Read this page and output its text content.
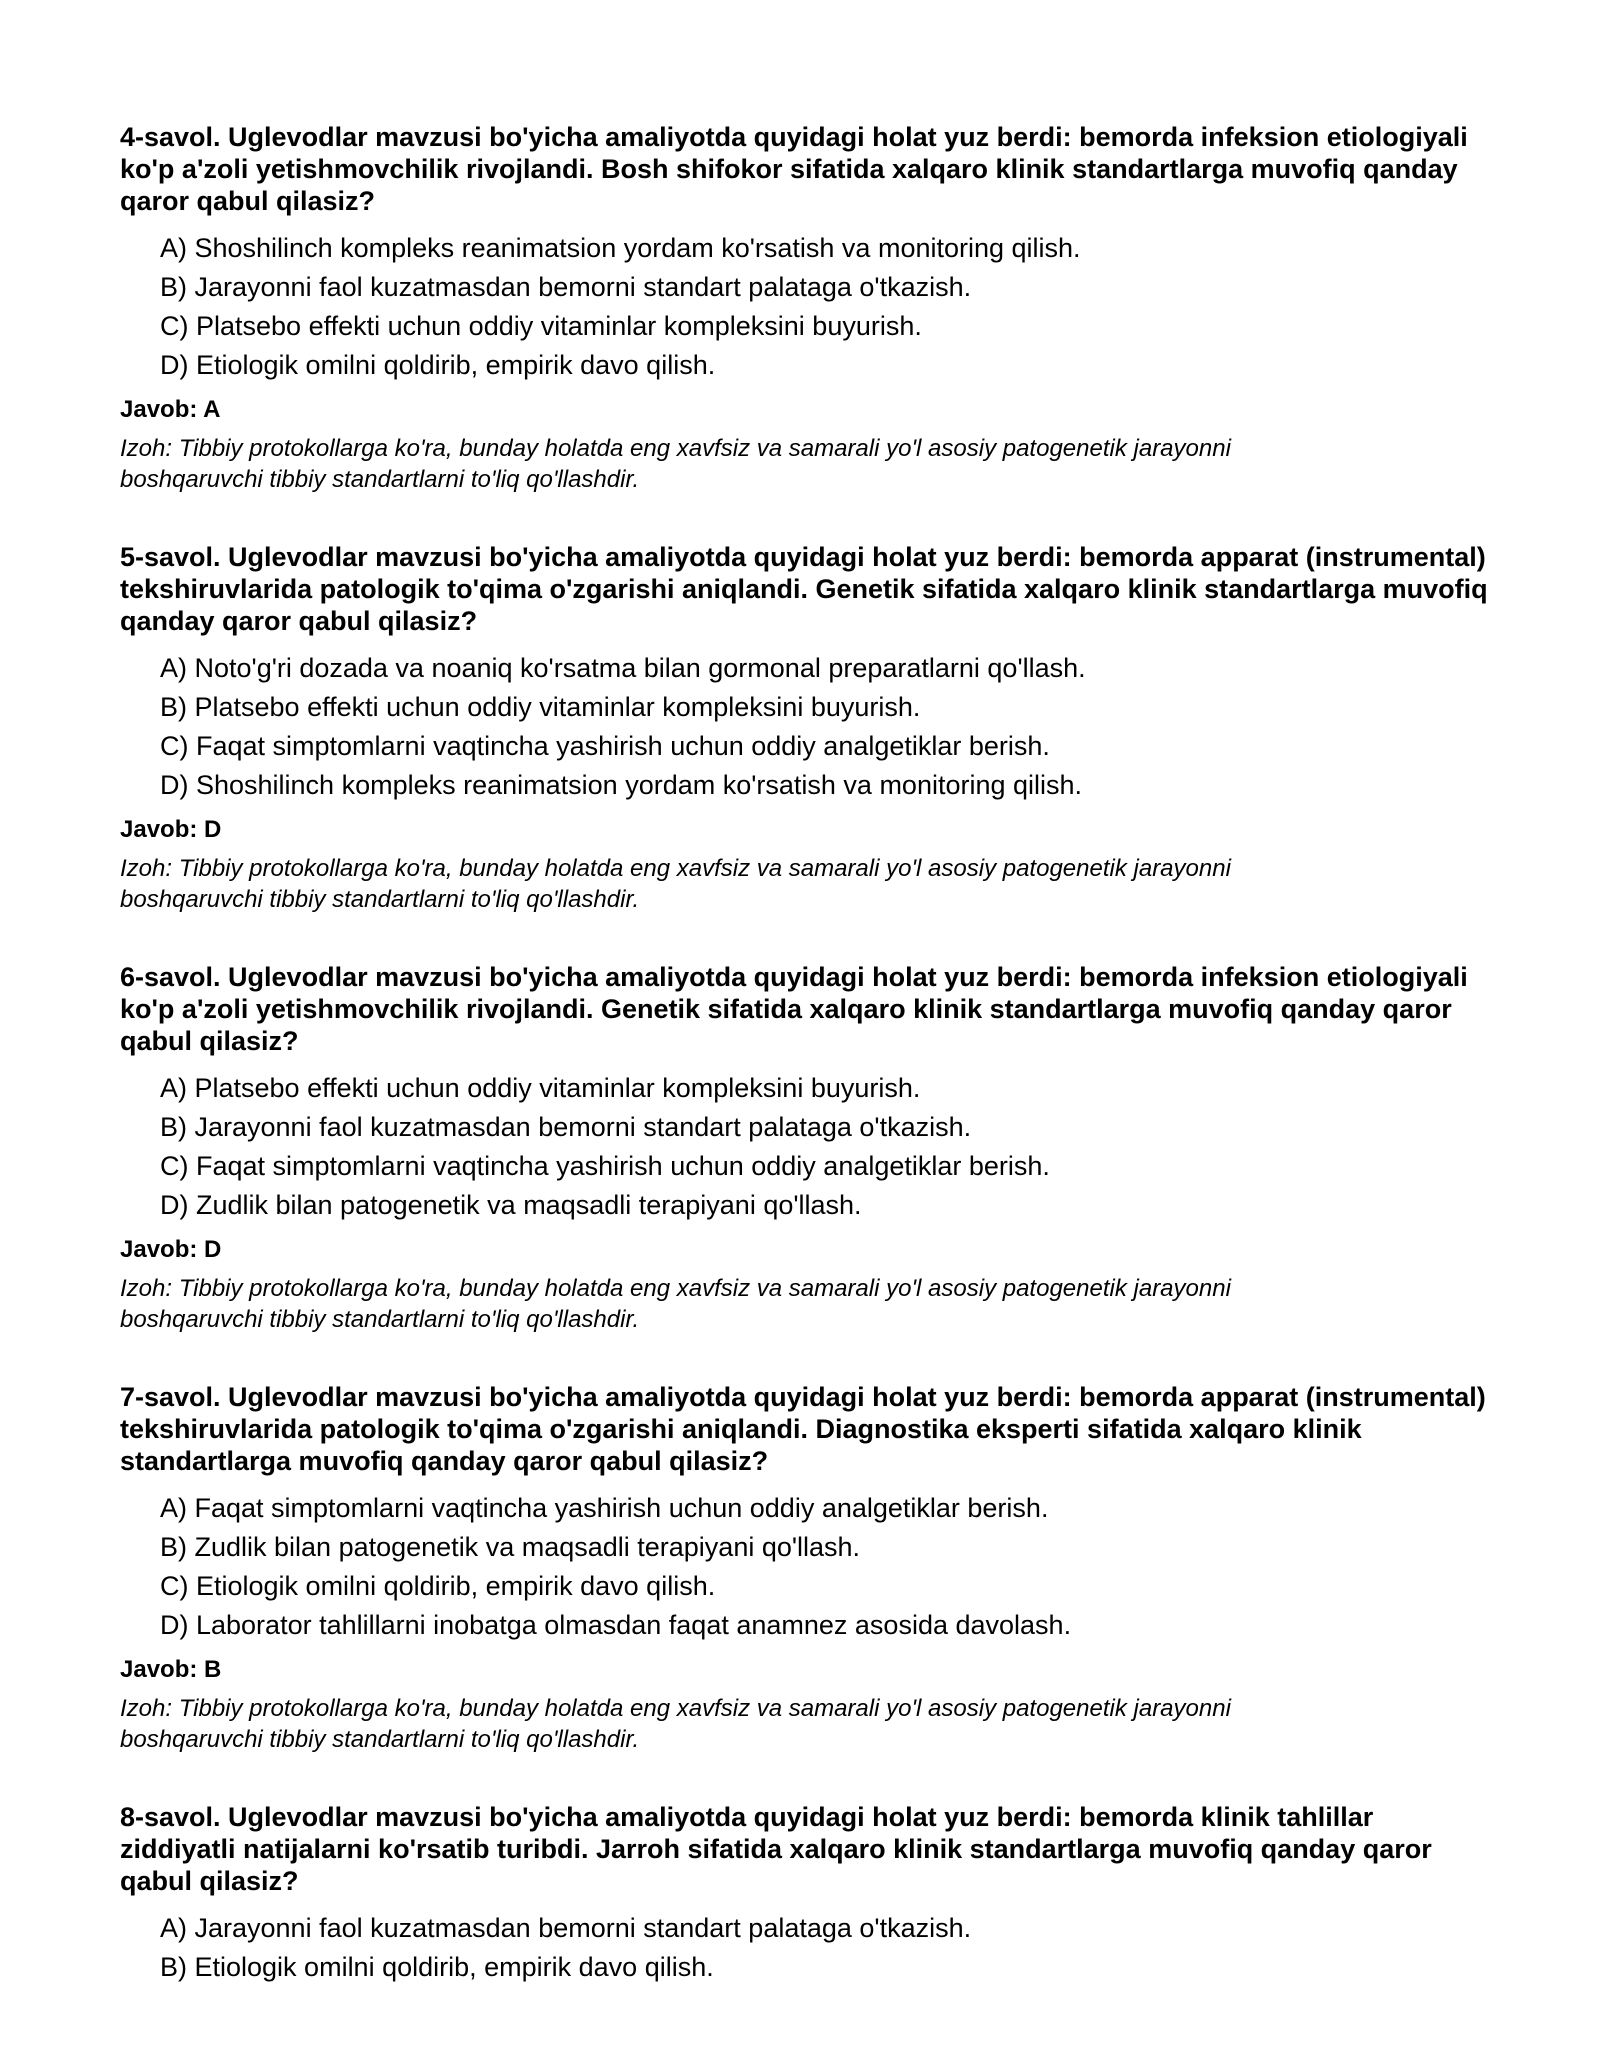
4-savol. Uglevodlar mavzusi bo'yicha amaliyotda quyidagi holat yuz berdi: bemorda infeksion etiologiyali ko'p a'zoli yetishmovchilik rivojlandi. Bosh shifokor sifatida xalqaro klinik standartlarga muvofiq qanday qaror qabul qilasiz?

A) Shoshilinch kompleks reanimatsion yordam ko'rsatish va monitoring qilish.
B) Jarayonni faol kuzatmasdan bemorni standart palataga o'tkazish.
C) Platsebo effekti uchun oddiy vitaminlar kompleksini buyurish.
D) Etiologik omilni qoldirib, empirik davo qilish.

Javob: A

Izoh: Tibbiy protokollarga ko'ra, bunday holatda eng xavfsiz va samarali yo'l asosiy patogenetik jarayonni boshqaruvchi tibbiy standartlarni to'liq qo'llashdir.

5-savol. Uglevodlar mavzusi bo'yicha amaliyotda quyidagi holat yuz berdi: bemorda apparat (instrumental) tekshiruvlarida patologik to'qima o'zgarishi aniqlandi. Genetik sifatida xalqaro klinik standartlarga muvofiq qanday qaror qabul qilasiz?

A) Noto'g'ri dozada va noaniq ko'rsatma bilan gormonal preparatlarni qo'llash.
B) Platsebo effekti uchun oddiy vitaminlar kompleksini buyurish.
C) Faqat simptomlarni vaqtincha yashirish uchun oddiy analgetiklar berish.
D) Shoshilinch kompleks reanimatsion yordam ko'rsatish va monitoring qilish.

Javob: D

Izoh: Tibbiy protokollarga ko'ra, bunday holatda eng xavfsiz va samarali yo'l asosiy patogenetik jarayonni boshqaruvchi tibbiy standartlarni to'liq qo'llashdir.

6-savol. Uglevodlar mavzusi bo'yicha amaliyotda quyidagi holat yuz berdi: bemorda infeksion etiologiyali ko'p a'zoli yetishmovchilik rivojlandi. Genetik sifatida xalqaro klinik standartlarga muvofiq qanday qaror qabul qilasiz?

A) Platsebo effekti uchun oddiy vitaminlar kompleksini buyurish.
B) Jarayonni faol kuzatmasdan bemorni standart palataga o'tkazish.
C) Faqat simptomlarni vaqtincha yashirish uchun oddiy analgetiklar berish.
D) Zudlik bilan patogenetik va maqsadli terapiyani qo'llash.

Javob: D

Izoh: Tibbiy protokollarga ko'ra, bunday holatda eng xavfsiz va samarali yo'l asosiy patogenetik jarayonni boshqaruvchi tibbiy standartlarni to'liq qo'llashdir.

7-savol. Uglevodlar mavzusi bo'yicha amaliyotda quyidagi holat yuz berdi: bemorda apparat (instrumental) tekshiruvlarida patologik to'qima o'zgarishi aniqlandi. Diagnostika eksperti sifatida xalqaro klinik standartlarga muvofiq qanday qaror qabul qilasiz?

A) Faqat simptomlarni vaqtincha yashirish uchun oddiy analgetiklar berish.
B) Zudlik bilan patogenetik va maqsadli terapiyani qo'llash.
C) Etiologik omilni qoldirib, empirik davo qilish.
D) Laborator tahlillarni inobatga olmasdan faqat anamnez asosida davolash.

Javob: B

Izoh: Tibbiy protokollarga ko'ra, bunday holatda eng xavfsiz va samarali yo'l asosiy patogenetik jarayonni boshqaruvchi tibbiy standartlarni to'liq qo'llashdir.

8-savol. Uglevodlar mavzusi bo'yicha amaliyotda quyidagi holat yuz berdi: bemorda klinik tahlillar ziddiyatli natijalarni ko'rsatib turibdi. Jarroh sifatida xalqaro klinik standartlarga muvofiq qanday qaror qabul qilasiz?

A) Jarayonni faol kuzatmasdan bemorni standart palataga o'tkazish.
B) Etiologik omilni qoldirib, empirik davo qilish.
